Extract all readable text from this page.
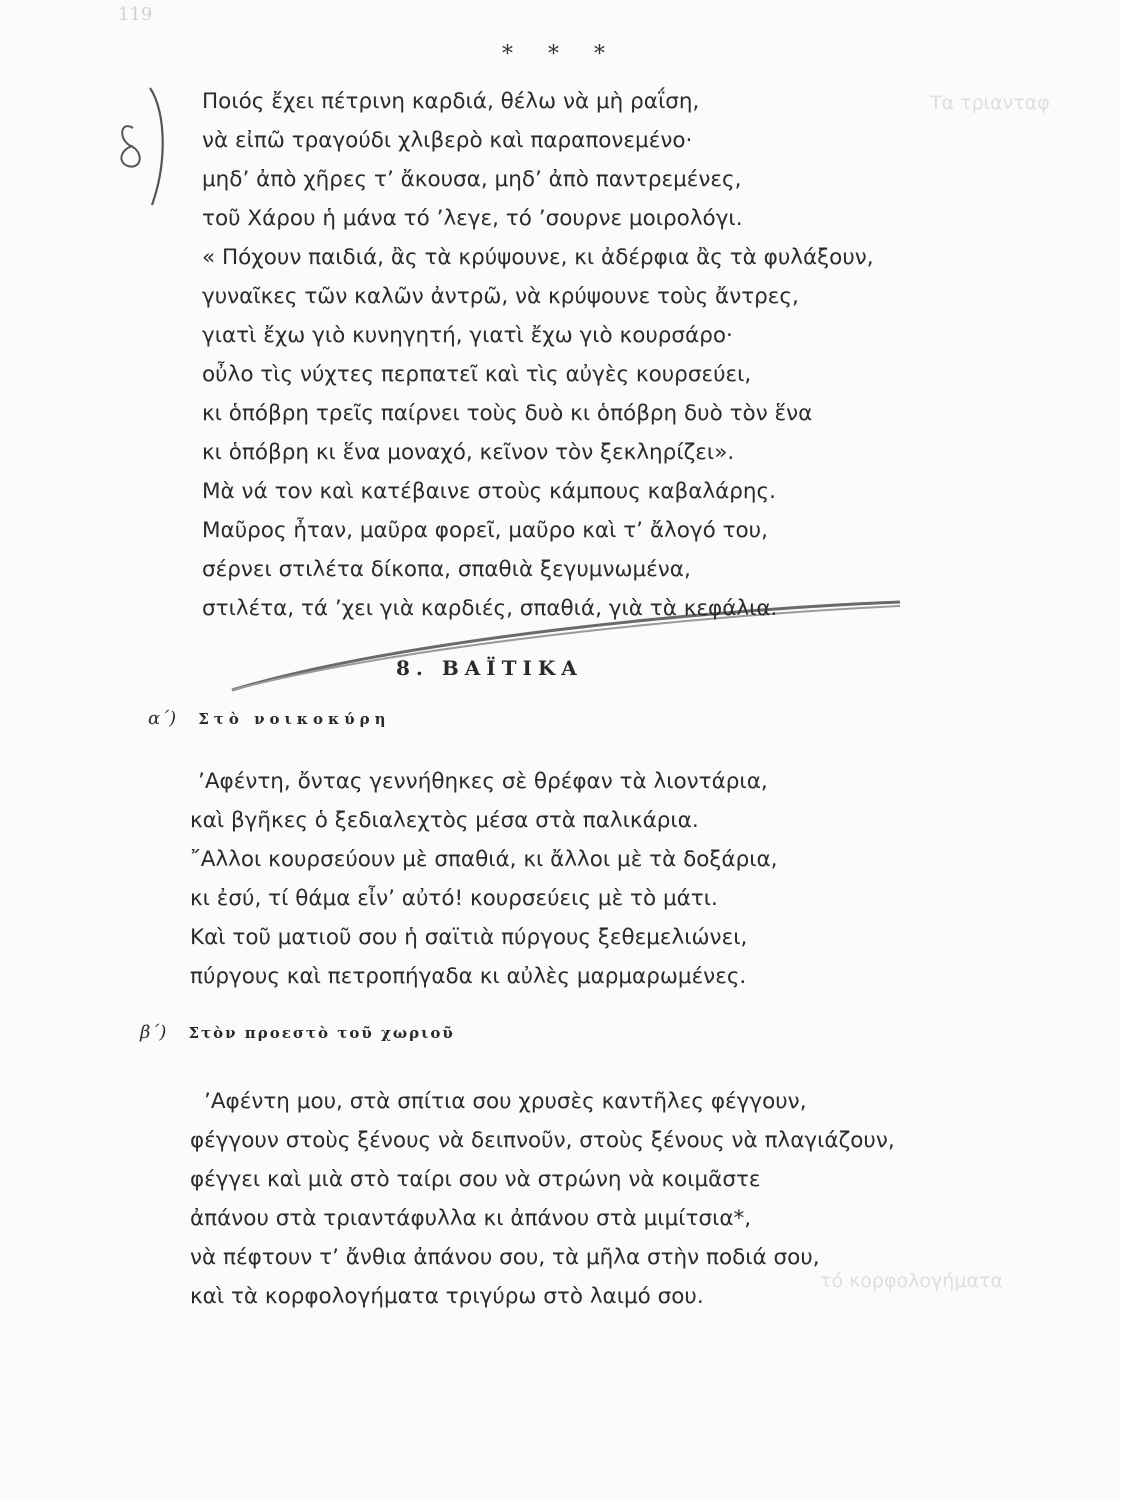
119
Τα τριανταφ
τό κορφολογήματα
* * *
Ποιός ἔχει πέτρινη καρδιά, θέλω νὰ μὴ ραΐση,
νὰ εἰπῶ τραγούδι χλιβερὸ καὶ παραπονεμένο·
μηδ’ ἀπὸ χῆρες τ’ ἄκουσα, μηδ’ ἀπὸ παντρεμένες,
τοῦ Χάρου ἡ μάνα τό ’λεγε, τό ’σουρνε μοιρολόγι.
« Πόχουν παιδιά, ἂς τὰ κρύψουνε, κι ἀδέρφια ἂς τὰ φυλάξουν,
γυναῖκες τῶν καλῶν ἀντρῶ, νὰ κρύψουνε τοὺς ἄντρες,
γιατὶ ἔχω γιὸ κυνηγητή, γιατὶ ἔχω γιὸ κουρσάρο·
οὖλο τὶς νύχτες περπατεῖ καὶ τὶς αὐγὲς κουρσεύει,
κι ὁπόβρη τρεῖς παίρνει τοὺς δυὸ κι ὁπόβρη δυὸ τὸν ἕνα
κι ὁπόβρη κι ἕνα μοναχό, κεῖνον τὸν ξεκληρίζει».
Μὰ νά τον καὶ κατέβαινε στοὺς κάμπους καβαλάρης.
Μαῦρος ἦταν, μαῦρα φορεῖ, μαῦρο καὶ τ’ ἄλογό του,
σέρνει στιλέτα δίκοπα, σπαθιὰ ξεγυμνωμένα,
στιλέτα, τά ’χει γιὰ καρδιές, σπαθιά, γιὰ τὰ κεφάλια.
8. ΒΑΪΤΙΚΑ
α΄) Στὸ νοικοκύρη
’Αφέντη, ὄντας γεννήθηκες σὲ θρέφαν τὰ λιοντάρια,
καὶ βγῆκες ὁ ξεδιαλεχτὸς μέσα στὰ παλικάρια.
῎Αλλοι κουρσεύουν μὲ σπαθιά, κι ἄλλοι μὲ τὰ δοξάρια,
κι ἐσύ, τί θάμα εἶν’ αὐτό! κουρσεύεις μὲ τὸ μάτι.
Καὶ τοῦ ματιοῦ σου ἡ σαϊτιὰ πύργους ξεθεμελιώνει,
πύργους καὶ πετροπήγαδα κι αὐλὲς μαρμαρωμένες.
β΄) Στὸν προεστὸ τοῦ χωριοῦ
’Αφέντη μου, στὰ σπίτια σου χρυσὲς καντῆλες φέγγουν,
φέγγουν στοὺς ξένους νὰ δειπνοῦν, στοὺς ξένους νὰ πλαγιάζουν,
φέγγει καὶ μιὰ στὸ ταίρι σου νὰ στρώνη νὰ κοιμᾶστε
ἀπάνου στὰ τριαντάφυλλα κι ἀπάνου στὰ μιμίτσια*,
νὰ πέφτουν τ’ ἄνθια ἀπάνου σου, τὰ μῆλα στὴν ποδιά σου,
καὶ τὰ κορφολογήματα τριγύρω στὸ λαιμό σου.
